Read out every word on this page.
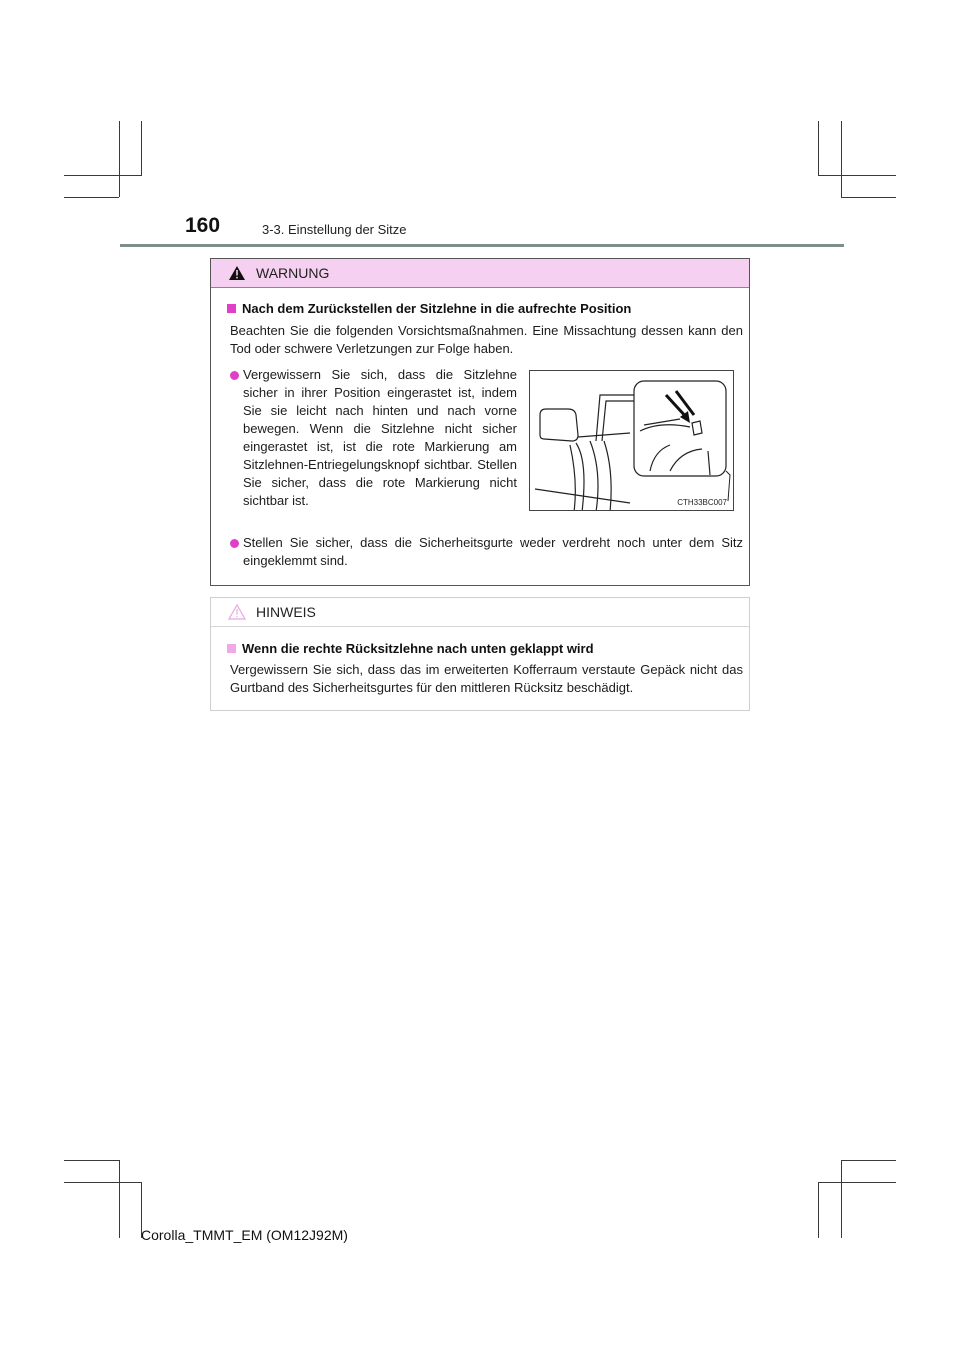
160	3-3. Einstellung der Sitze
WARNUNG
Nach dem Zurückstellen der Sitzlehne in die aufrechte Position
Beachten Sie die folgenden Vorsichtsmaßnahmen. Eine Missachtung dessen kann den Tod oder schwere Verletzungen zur Folge haben.
Vergewissern Sie sich, dass die Sitzlehne sicher in ihrer Position eingerastet ist, indem Sie sie leicht nach hinten und nach vorne bewegen. Wenn die Sitzlehne nicht sicher eingerastet ist, ist die rote Markierung am Sitzlehnen-Entriegelungsknopf sichtbar. Stellen Sie sicher, dass die rote Markierung nicht sichtbar ist.	CTH33BC007
Stellen Sie sicher, dass die Sicherheitsgurte weder verdreht noch unter dem Sitz eingeklemmt sind.
HINWEIS
Wenn die rechte Rücksitzlehne nach unten geklappt wird
Vergewissern Sie sich, dass das im erweiterten Kofferraum verstaute Gepäck nicht das Gurtband des Sicherheitsgurtes für den mittleren Rücksitz beschädigt.
Corolla_TMMT_EM (OM12J92M)
